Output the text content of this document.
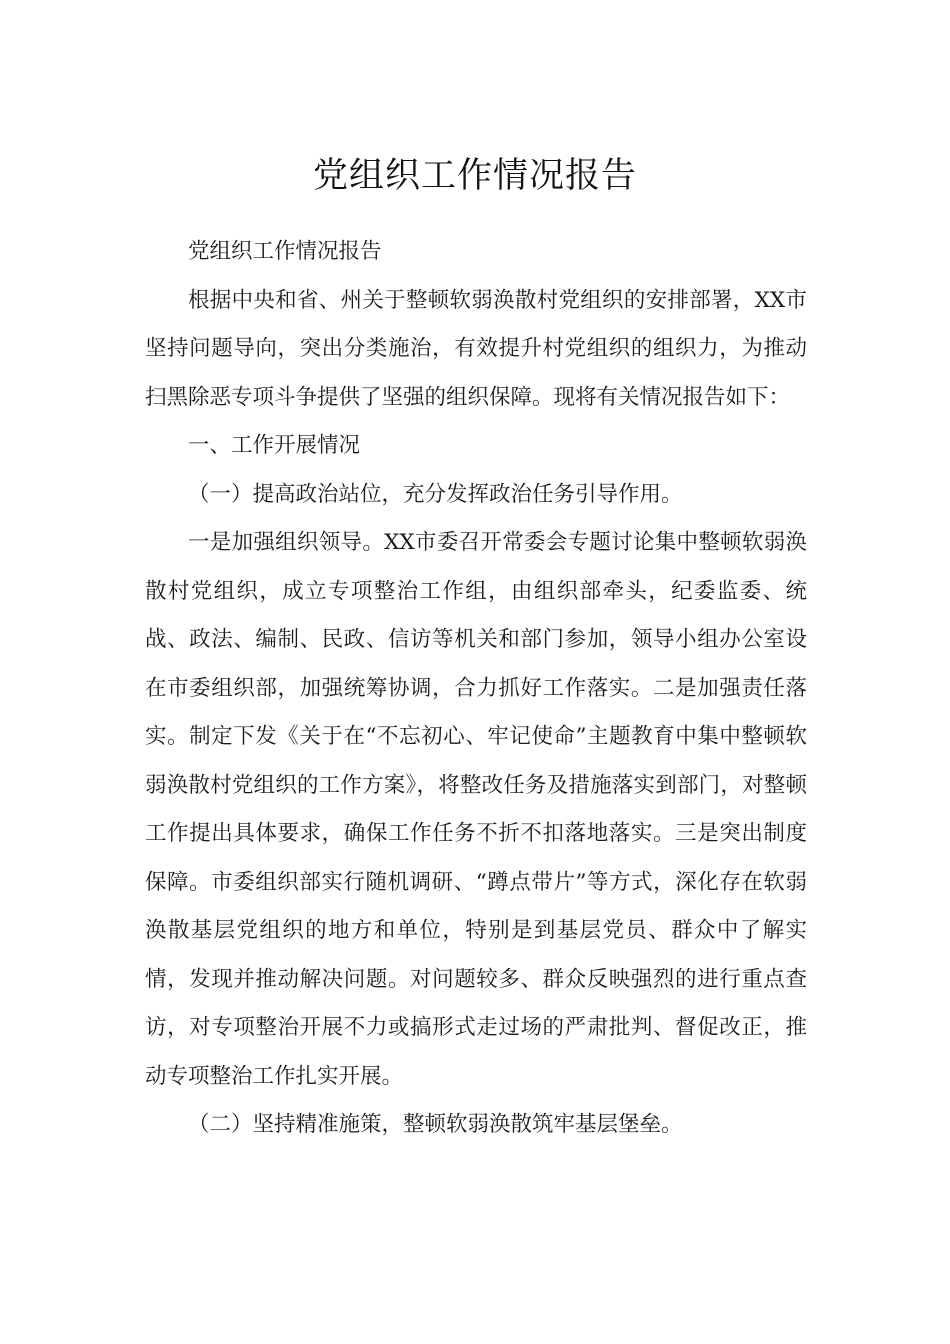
党组织工作情况报告

党组织工作情况报告

根据中央和省、州关于整顿软弱涣散村党组织的安排部署，XX市坚持问题导向，突出分类施治，有效提升村党组织的组织力，为推动扫黑除恶专项斗争提供了坚强的组织保障。现将有关情况报告如下：

一、工作开展情况

（一）提高政治站位，充分发挥政治任务引导作用。

一是加强组织领导。XX市委召开常委会专题讨论集中整顿软弱涣散村党组织，成立专项整治工作组，由组织部牵头，纪委监委、统战、政法、编制、民政、信访等机关和部门参加，领导小组办公室设在市委组织部，加强统筹协调，合力抓好工作落实。二是加强责任落实。制定下发《关于在“不忘初心、牢记使命”主题教育中集中整顿软弱涣散村党组织的工作方案》，将整改任务及措施落实到部门，对整顿工作提出具体要求，确保工作任务不折不扣落地落实。三是突出制度保障。市委组织部实行随机调研、“蹲点带片”等方式，深化存在软弱涣散基层党组织的地方和单位，特别是到基层党员、群众中了解实情，发现并推动解决问题。对问题较多、群众反映强烈的进行重点查访，对专项整治开展不力或搞形式走过场的严肃批判、督促改正，推动专项整治工作扎实开展。

（二）坚持精准施策，整顿软弱涣散筑牢基层堡垒。
